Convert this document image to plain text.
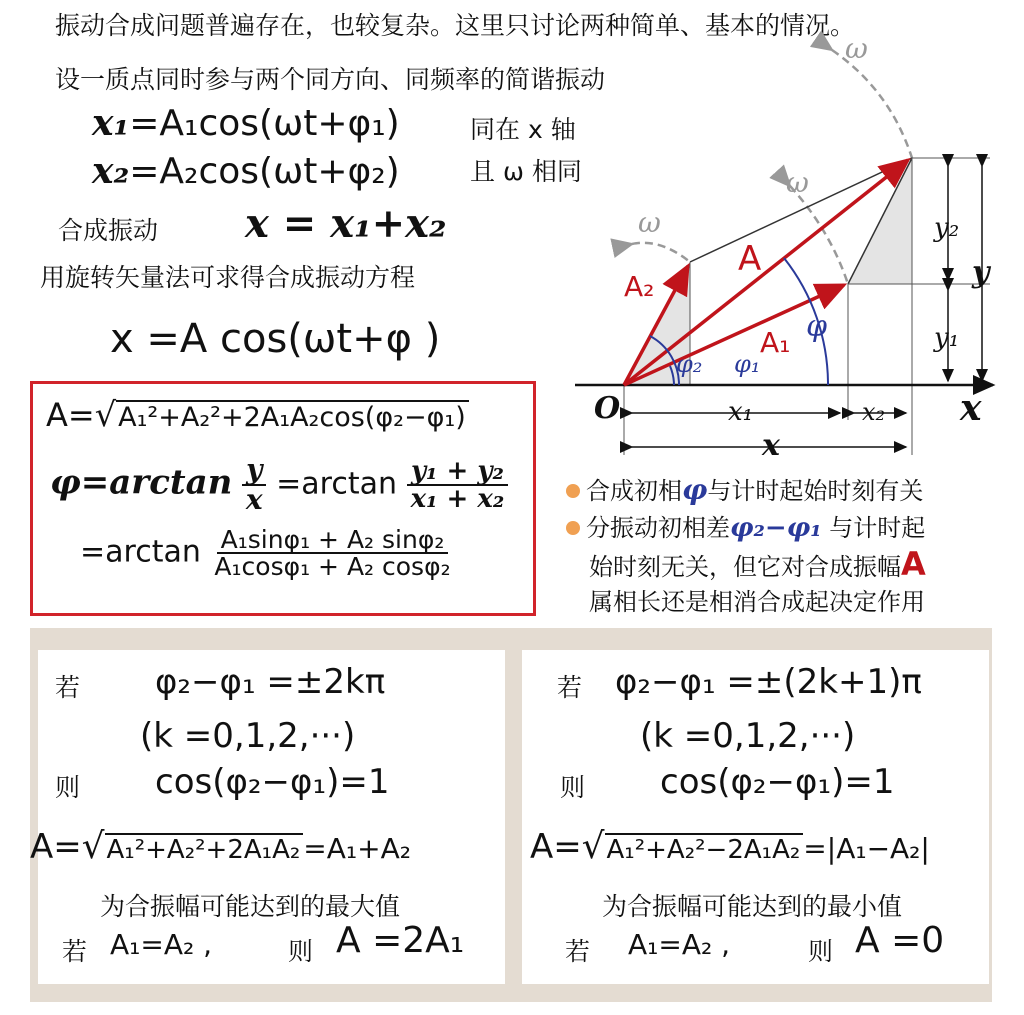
振动合成问题普遍存在，也较复杂。这里只讨论两种简单、基本的情况。
设一质点同时参与两个同方向、同频率的简谐振动
x₁=A₁cos(ωt+φ₁)
x₂=A₂cos(ωt+φ₂)
同在 x 轴
且 ω 相同
合成振动 x = x₁+x₂
用旋转矢量法可求得合成振动方程
x =A cos(ωt+φ )
A=√A₁²+A₂²+2A₁A₂cos(φ₂−φ₁)
$\varphi=\arctan \frac{y}{x} =\arctan \frac{\text{y₁ + y₂}}{\text{x₁ + x₂}}$
$=\arctan \frac{\text{A₁sinφ₁ + A₂ sinφ₂}}{\text{A₁cosφ₁ + A₂ cosφ₂}}$
ω
ω
ω
A
A₁
A₂
φ
φ₁
φ₂
O	x
x₁	x₂
x
y₂
y₁
y
合成初相φ与计时起始时刻有关
分振动初相差φ₂−φ₁ 与计时起
始时刻无关，但它对合成振幅A
属相长还是相消合成起决定作用
若 φ₂−φ₁ =±2kπ
(k =0,1,2,···)
则 cos(φ₂−φ₁)=1
A=√A₁²+A₂²+2A₁A₂ =A₁+A₂
为合振幅可能达到的最大值
若 A₁=A₂ ,	则 A =2A₁
若 φ₂−φ₁ =±(2k+1)π
(k =0,1,2,···)
则 cos(φ₂−φ₁)=1
A=√A₁²+A₂²−2A₁A₂ =|A₁−A₂|
为合振幅可能达到的最小值
若 A₁=A₂ ,	则 A =0
